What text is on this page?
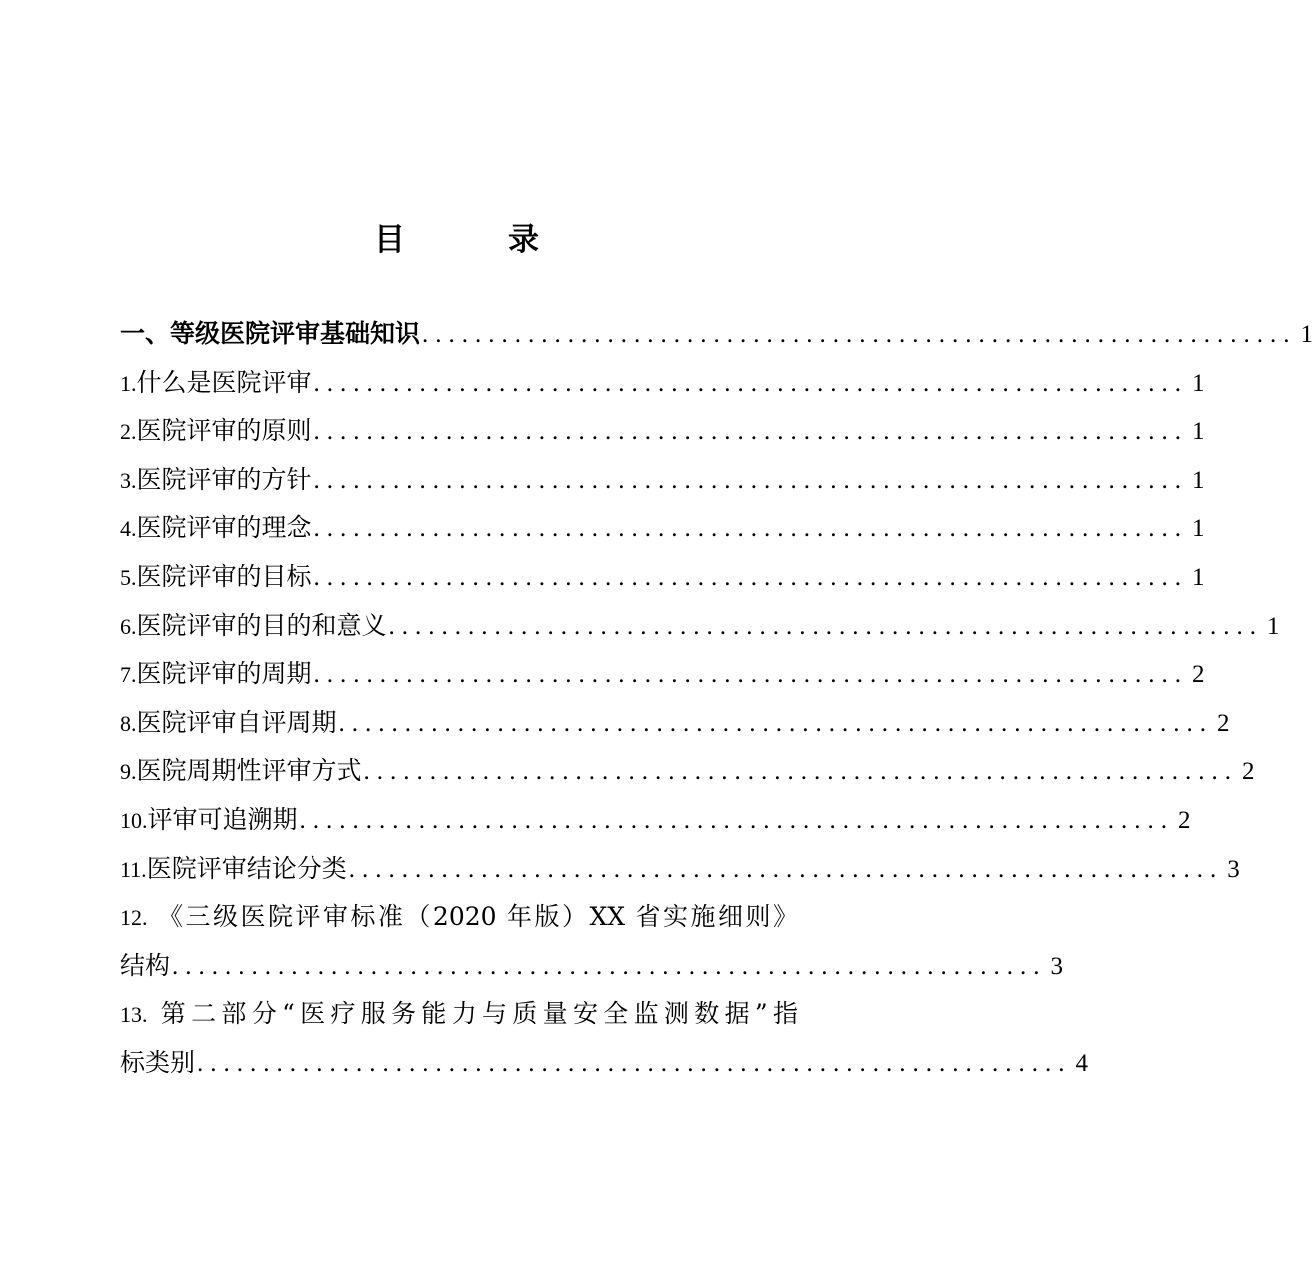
目　录
一、等级医院评审基础知识 .................................................................. 1
1.什么是医院评审 .................................................................. 1
2.医院评审的原则 .................................................................. 1
3.医院评审的方针 .................................................................. 1
4.医院评审的理念 .................................................................. 1
5.医院评审的目标 .................................................................. 1
6.医院评审的目的和意义 .................................................................. 1
7.医院评审的周期 .................................................................. 2
8.医院评审自评周期 .................................................................. 2
9.医院周期性评审方式 .................................................................. 2
10.评审可追溯期 .................................................................. 2
11.医院评审结论分类 .................................................................. 3
12. 《三级医院评审标准（2020 年版）XX 省实施细则》
结构 .................................................................. 3
13. 第二部分“医疗服务能力与质量安全监测数据”指
标类别 .................................................................. 4
